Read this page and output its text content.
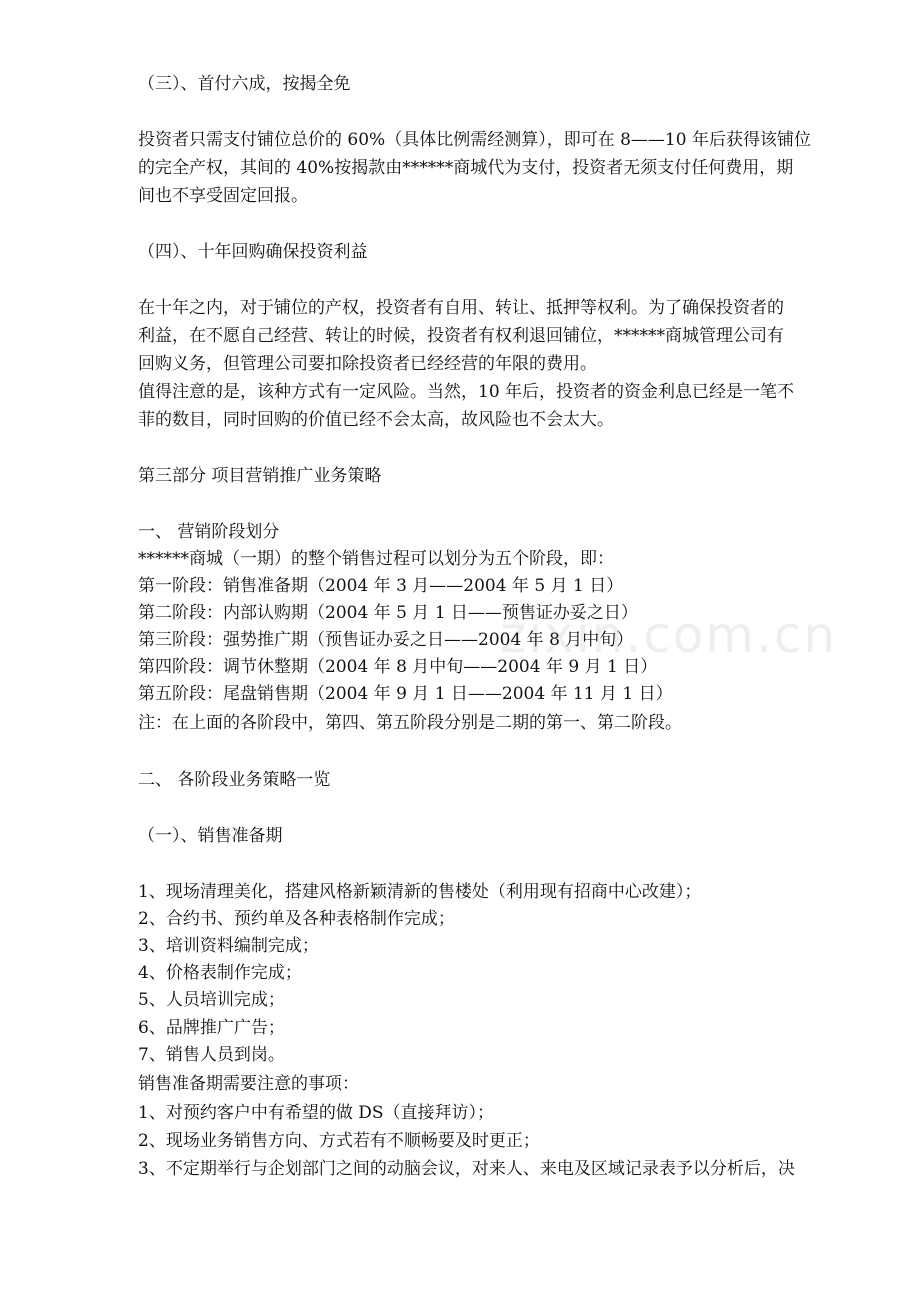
zixin.com.cn
（三）、首付六成，按揭全免
投资者只需支付铺位总价的 60%（具体比例需经测算），即可在 8——10 年后获得该铺位
的完全产权，其间的 40%按揭款由******商城代为支付，投资者无须支付任何费用，期
间也不享受固定回报。
（四）、十年回购确保投资利益
在十年之内，对于铺位的产权，投资者有自用、转让、抵押等权利。为了确保投资者的
利益，在不愿自己经营、转让的时候，投资者有权利退回铺位，******商城管理公司有
回购义务，但管理公司要扣除投资者已经经营的年限的费用。
值得注意的是，该种方式有一定风险。当然，10 年后，投资者的资金利息已经是一笔不
菲的数目，同时回购的价值已经不会太高，故风险也不会太大。
第三部分 项目营销推广业务策略
一、 营销阶段划分
******商城（一期）的整个销售过程可以划分为五个阶段，即：
第一阶段：销售准备期（2004 年 3 月——2004 年 5 月 1 日）
第二阶段：内部认购期（2004 年 5 月 1 日——预售证办妥之日）
第三阶段：强势推广期（预售证办妥之日——2004 年 8 月中旬）
第四阶段：调节休整期（2004 年 8 月中旬——2004 年 9 月 1 日）
第五阶段：尾盘销售期（2004 年 9 月 1 日——2004 年 11 月 1 日）
注：在上面的各阶段中，第四、第五阶段分别是二期的第一、第二阶段。
二、 各阶段业务策略一览
（一）、销售准备期
1、现场清理美化，搭建风格新颖清新的售楼处（利用现有招商中心改建）；
2、合约书、预约单及各种表格制作完成；
3、培训资料编制完成；
4、价格表制作完成；
5、人员培训完成；
6、品牌推广广告；
7、销售人员到岗。
销售准备期需要注意的事项：
1、对预约客户中有希望的做 DS（直接拜访）；
2、现场业务销售方向、方式若有不顺畅要及时更正；
3、不定期举行与企划部门之间的动脑会议，对来人、来电及区域记录表予以分析后，决
